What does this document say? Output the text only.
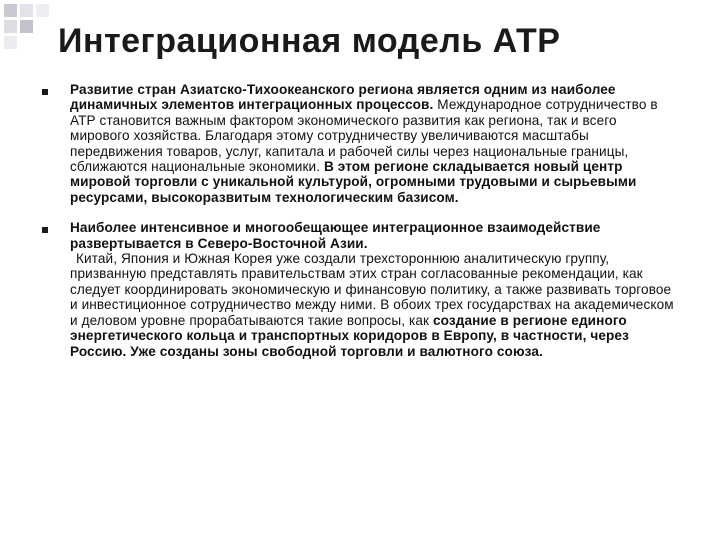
Интеграционная модель АТР

Развитие стран Азиатско-Тихоокеанского региона является одним из наиболее динамичных элементов интеграционных процессов. Международное сотрудничество в АТР становится важным фактором экономического развития как региона, так и всего мирового хозяйства. Благодаря этому сотрудничеству увеличиваются масштабы передвижения товаров, услуг, капитала и рабочей силы через национальные границы, сближаются национальные экономики. В этом регионе складывается новый центр мировой торговли с уникальной культурой, огромными трудовыми и сырьевыми ресурсами, высокоразвитым технологическим базисом.

Наиболее интенсивное и многообещающее интеграционное взаимодействие развертывается в Северо-Восточной Азии.

Китай, Япония и Южная Корея уже создали трехстороннюю аналитическую группу, призванную представлять правительствам этих стран согласованные рекомендации, как следует координировать экономическую и финансовую политику, а также развивать торговое и инвестиционное сотрудничество между ними. В обоих трех государствах на академическом и деловом уровне прорабатываются такие вопросы, как создание в регионе единого энергетического кольца и транспортных коридоров в Европу, в частности, через Россию. Уже созданы зоны свободной торговли и валютного союза.
